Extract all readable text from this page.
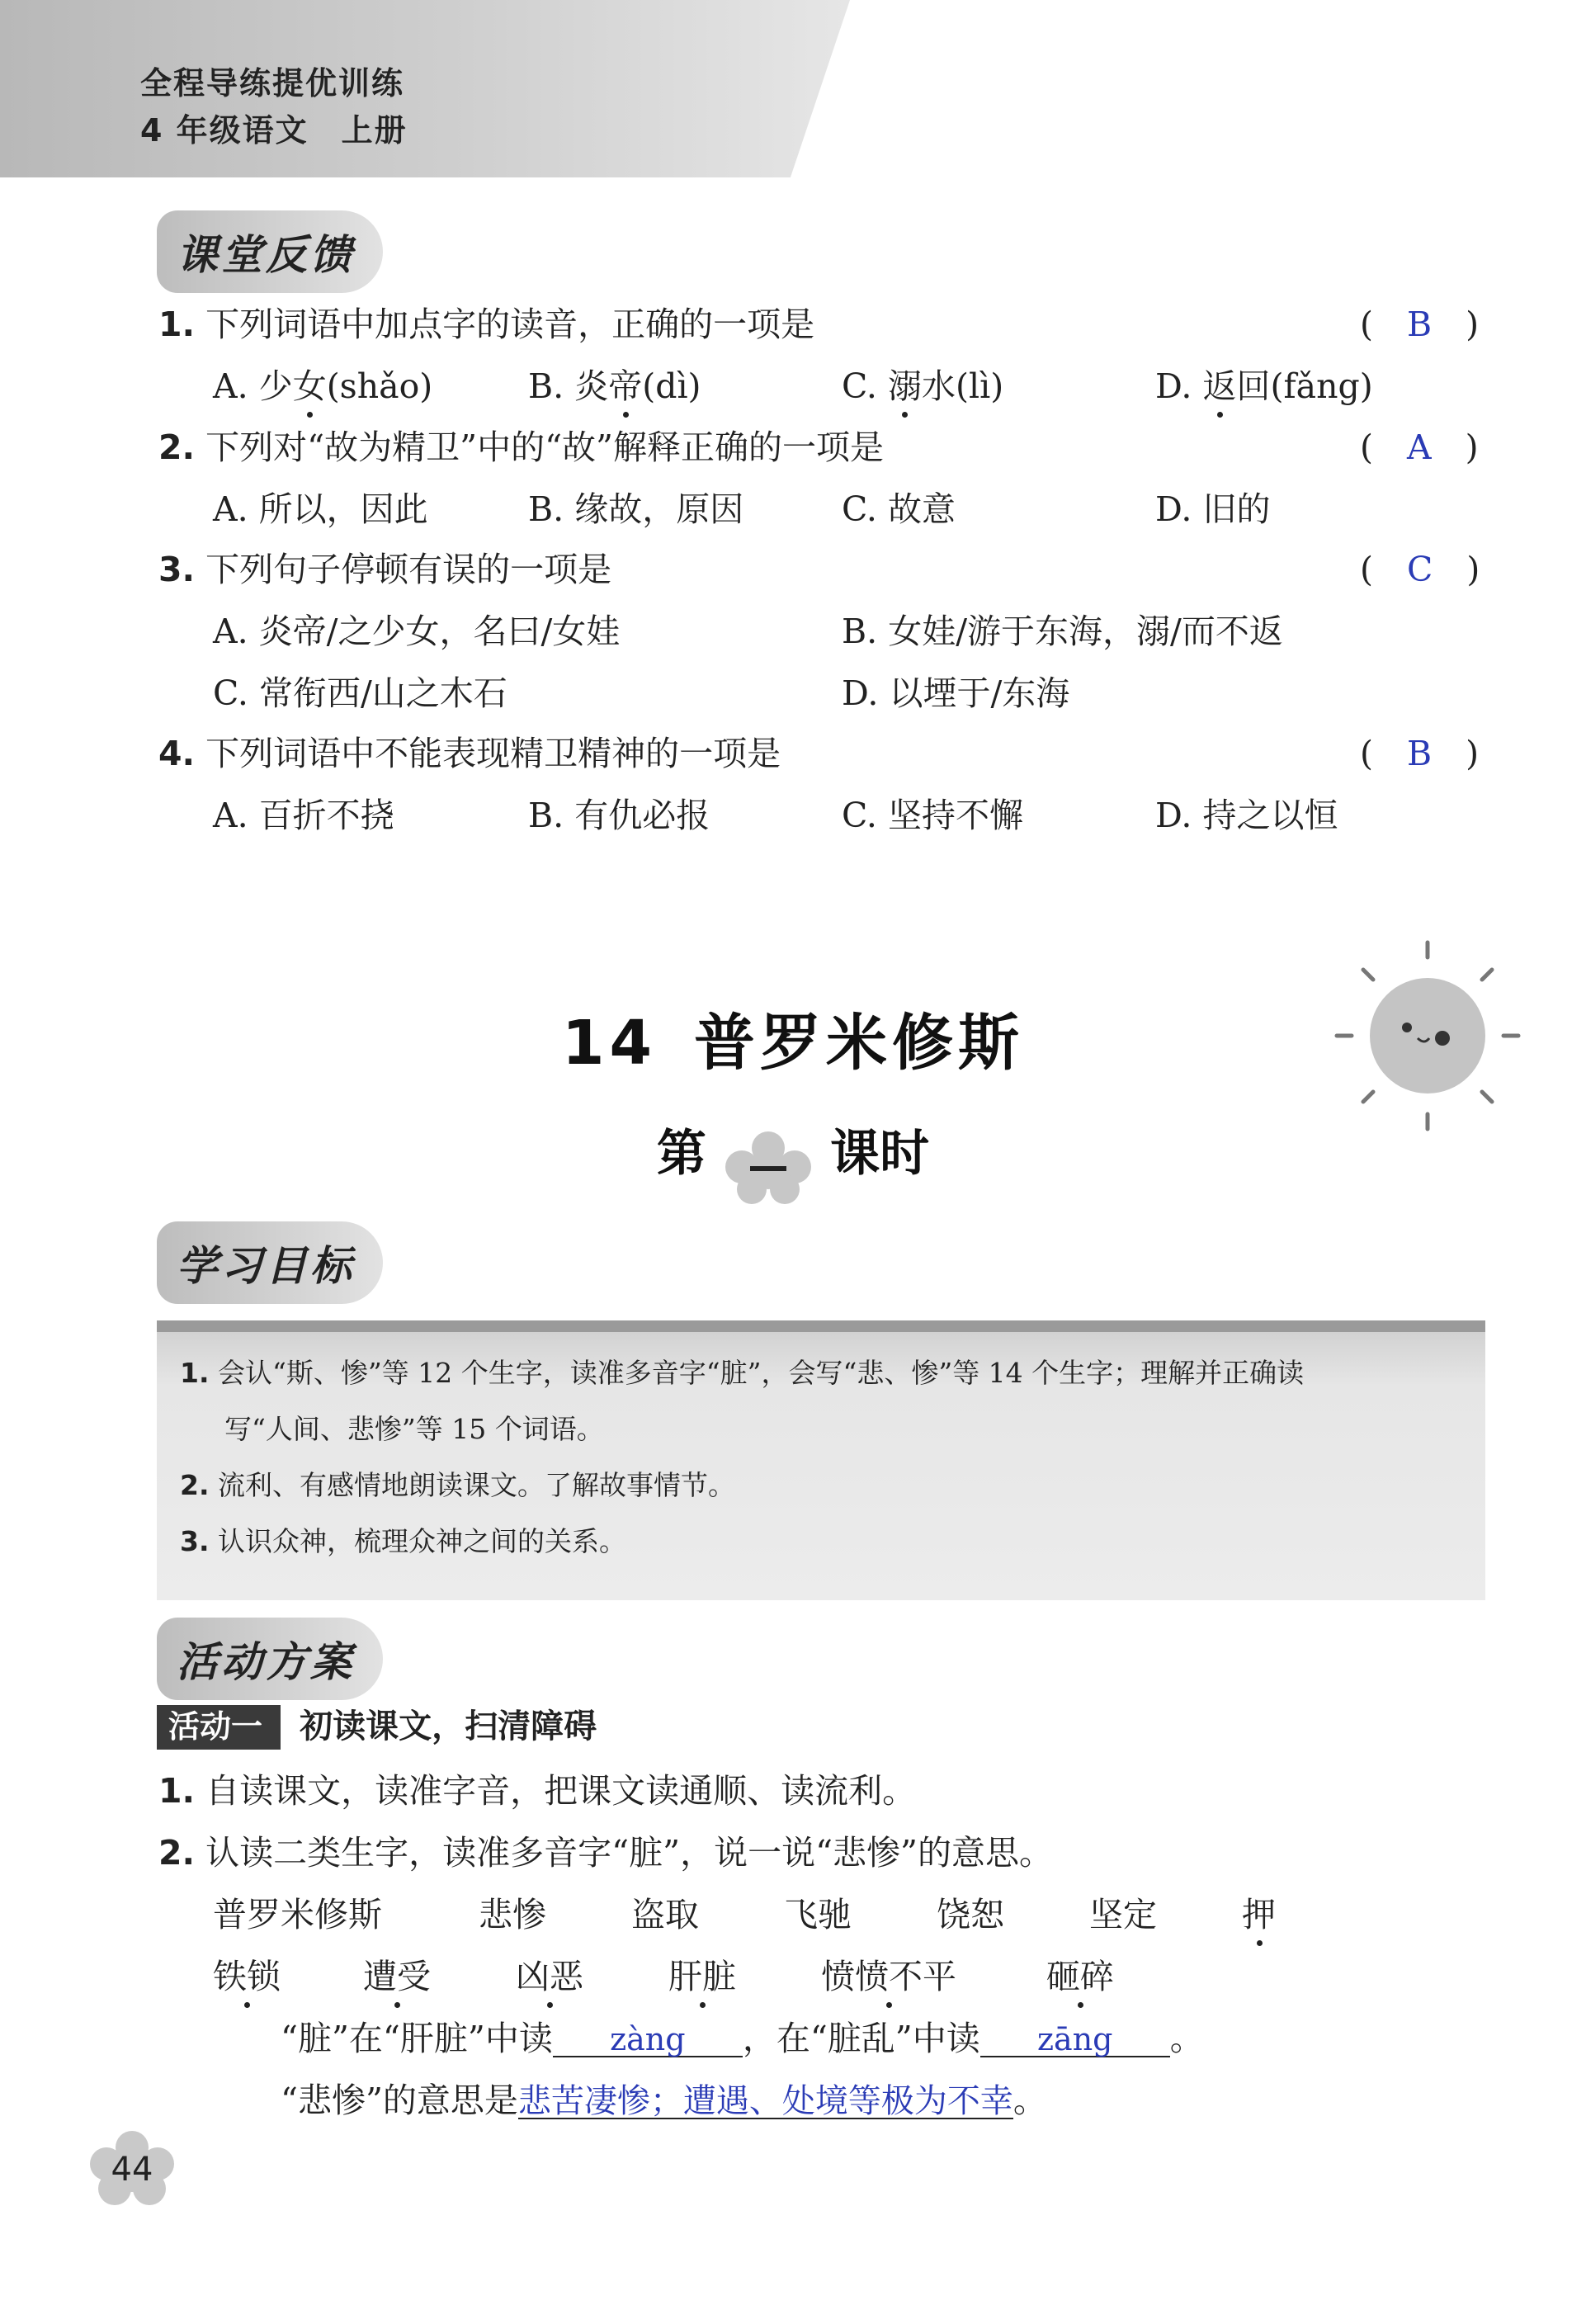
全程导练提优训练
4 年级语文　上册
课堂反馈
1. 下列词语中加点字的读音，正确的一项是	(　B　)
A. 少女(shǎo)	B. 炎帝(dì)	C. 溺水(lì)	D. 返回(fǎng)
2. 下列对“故为精卫”中的“故”解释正确的一项是	(　A　)
A. 所以，因此	B. 缘故，原因	C. 故意	D. 旧的
3. 下列句子停顿有误的一项是	(　C　)
A. 炎帝/之少女，名曰/女娃	B. 女娃/游于东海，溺/而不返
C. 常衔西/山之木石	D. 以堙于/东海
4. 下列词语中不能表现精卫精神的一项是	(　B　)
A. 百折不挠	B. 有仇必报	C. 坚持不懈	D. 持之以恒
14 普罗米修斯
第	课时
学习目标
1. 会认“斯、惨”等 12 个生字，读准多音字“脏”，会写“悲、惨”等 14 个生字；理解并正确读
写“人间、悲惨”等 15 个词语。
2. 流利、有感情地朗读课文。了解故事情节。
3. 认识众神，梳理众神之间的关系。
活动方案
活动一 初读课文，扫清障碍
1. 自读课文，读准字音，把课文读通顺、读流利。
2. 认读二类生字，读准多音字“脏”，说一说“悲惨”的意思。
普罗米修斯	悲惨	盗取	飞驰	饶恕	坚定	押
铁锁 遭受	凶恶	肝脏	愤愤不平	砸碎
“脏”在“肝脏”中读 zàng ，在“脏乱”中读 zāng 。
“悲惨”的意思是悲苦凄惨；遭遇、处境等极为不幸。
44
